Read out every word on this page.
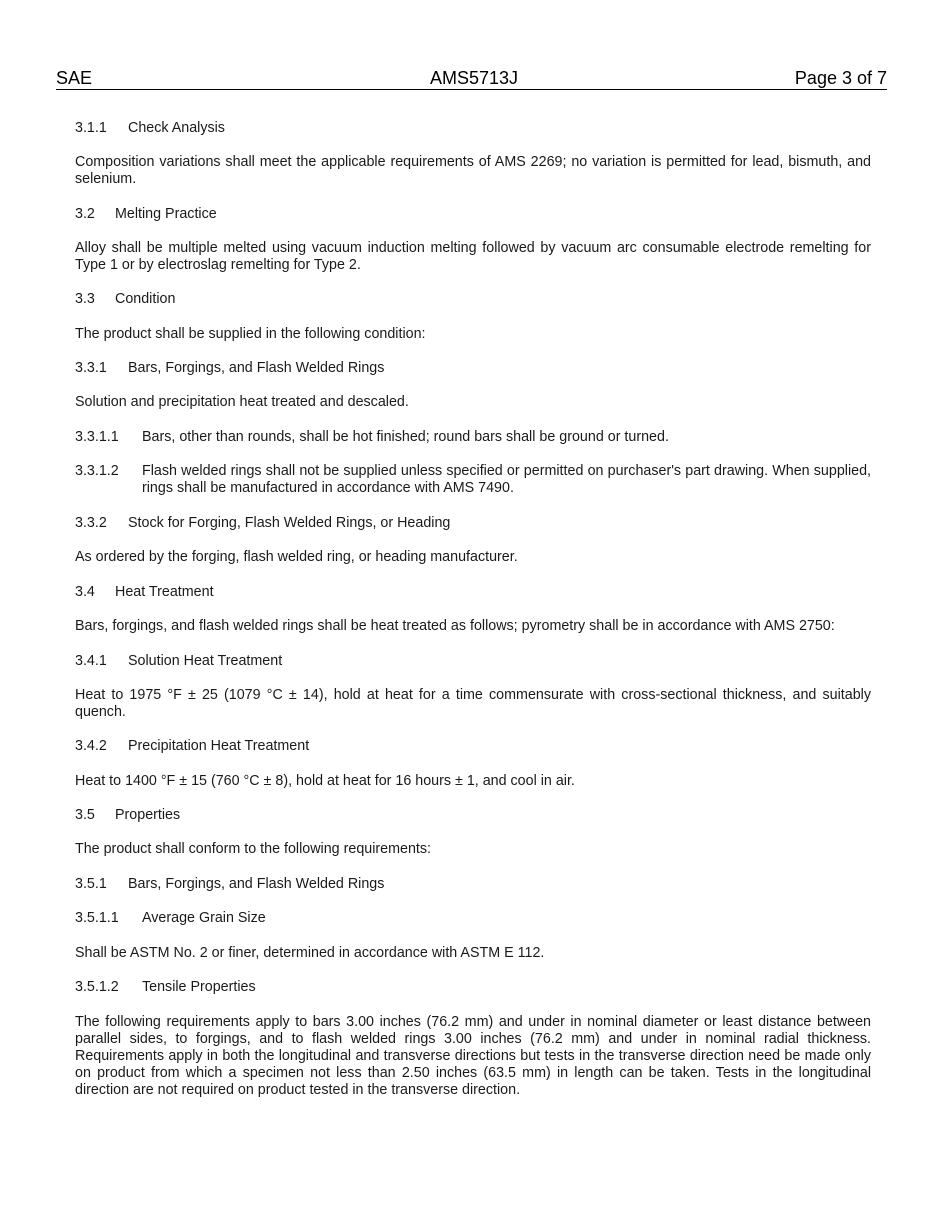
SAE	AMS5713J	Page 3 of 7
3.1.1 Check Analysis
Composition variations shall meet the applicable requirements of AMS 2269; no variation is permitted for lead, bismuth, and selenium.
3.2 Melting Practice
Alloy shall be multiple melted using vacuum induction melting followed by vacuum arc consumable electrode remelting for Type 1 or by electroslag remelting for Type 2.
3.3 Condition
The product shall be supplied in the following condition:
3.3.1 Bars, Forgings, and Flash Welded Rings
Solution and precipitation heat treated and descaled.
3.3.1.1 Bars, other than rounds, shall be hot finished; round bars shall be ground or turned.
3.3.1.2 Flash welded rings shall not be supplied unless specified or permitted on purchaser's part drawing. When supplied, rings shall be manufactured in accordance with AMS 7490.
3.3.2 Stock for Forging, Flash Welded Rings, or Heading
As ordered by the forging, flash welded ring, or heading manufacturer.
3.4 Heat Treatment
Bars, forgings, and flash welded rings shall be heat treated as follows; pyrometry shall be in accordance with AMS 2750:
3.4.1 Solution Heat Treatment
Heat to 1975 °F ± 25 (1079 °C ± 14), hold at heat for a time commensurate with cross-sectional thickness, and suitably quench.
3.4.2 Precipitation Heat Treatment
Heat to 1400 °F ± 15 (760 °C ± 8), hold at heat for 16 hours ± 1, and cool in air.
3.5 Properties
The product shall conform to the following requirements:
3.5.1 Bars, Forgings, and Flash Welded Rings
3.5.1.1 Average Grain Size
Shall be ASTM No. 2 or finer, determined in accordance with ASTM E 112.
3.5.1.2 Tensile Properties
The following requirements apply to bars 3.00 inches (76.2 mm) and under in nominal diameter or least distance between parallel sides, to forgings, and to flash welded rings 3.00 inches (76.2 mm) and under in nominal radial thickness. Requirements apply in both the longitudinal and transverse directions but tests in the transverse direction need be made only on product from which a specimen not less than 2.50 inches (63.5 mm) in length can be taken. Tests in the longitudinal direction are not required on product tested in the transverse direction.
